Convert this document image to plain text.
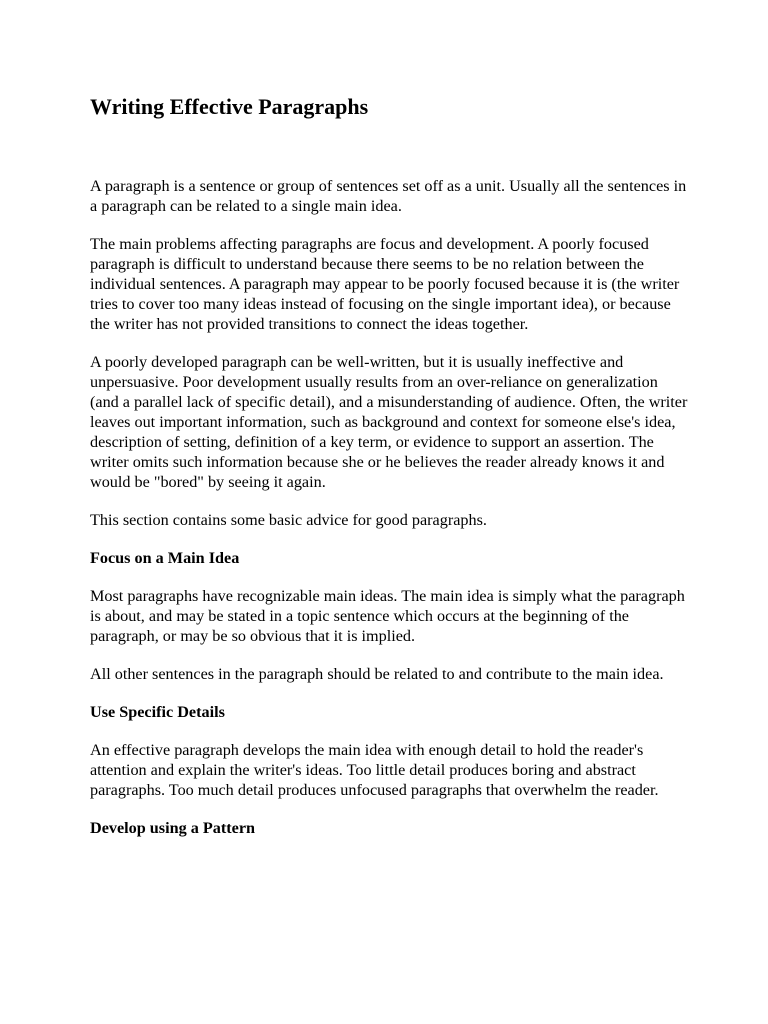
Writing Effective Paragraphs

A paragraph is a sentence or group of sentences set off as a unit. Usually all the sentences in a paragraph can be related to a single main idea.

The main problems affecting paragraphs are focus and development. A poorly focused paragraph is difficult to understand because there seems to be no relation between the individual sentences. A paragraph may appear to be poorly focused because it is (the writer tries to cover too many ideas instead of focusing on the single important idea), or because the writer has not provided transitions to connect the ideas together.

A poorly developed paragraph can be well-written, but it is usually ineffective and unpersuasive. Poor development usually results from an over-reliance on generalization (and a parallel lack of specific detail), and a misunderstanding of audience. Often, the writer leaves out important information, such as background and context for someone else's idea, description of setting, definition of a key term, or evidence to support an assertion. The writer omits such information because she or he believes the reader already knows it and would be "bored" by seeing it again.

This section contains some basic advice for good paragraphs.

Focus on a Main Idea

Most paragraphs have recognizable main ideas. The main idea is simply what the paragraph is about, and may be stated in a topic sentence which occurs at the beginning of the paragraph, or may be so obvious that it is implied.

All other sentences in the paragraph should be related to and contribute to the main idea.

Use Specific Details

An effective paragraph develops the main idea with enough detail to hold the reader's attention and explain the writer's ideas. Too little detail produces boring and abstract paragraphs. Too much detail produces unfocused paragraphs that overwhelm the reader.

Develop using a Pattern
